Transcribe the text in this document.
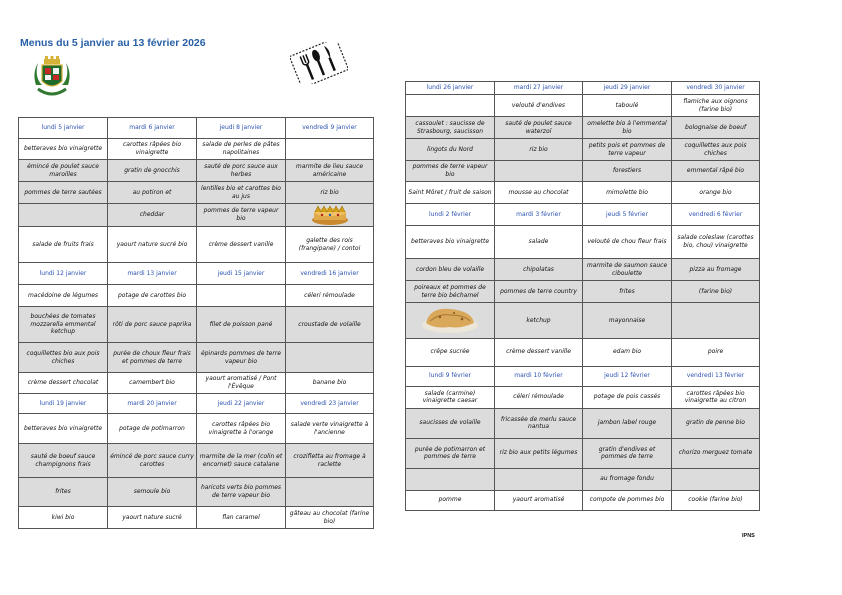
Menus du 5 janvier au 13 février 2026
lundi 5 janvier	mardi 6 janvier	jeudi 8 janvier	vendredi 9 janvier
betteraves bio vinaigrette	carottes râpées bio vinaigrette	salade de perles de pâtes napolitaines	
émincé de poulet sauce maroilles	gratin de gnocchis	sauté de porc sauce aux herbes	marmite de lieu sauce américaine
pommes de terre sautées	au potiron et	lentilles bio et carottes bio au jus	riz bio
	cheddar	pommes de terre vapeur bio	
salade de fruits frais	yaourt nature sucré bio	crème dessert vanille	galette des rois (frangipane) / contoi
lundi 12 janvier	mardi 13 janvier	jeudi 15 janvier	vendredi 16 janvier
macédoine de légumes	potage de carottes bio		céleri rémoulade
bouchées de tomates mozzarella emmental ketchup	rôti de porc sauce paprika	filet de poisson pané	croustade de volaille
coquillettes bio aux pois chiches	purée de choux fleur frais et pommes de terre	épinards pommes de terre vapeur bio	
crème dessert chocolat	camembert bio	yaourt aromatisé / Pont l'Évêque	banane bio
lundi 19 janvier	mardi 20 janvier	jeudi 22 janvier	vendredi 23 janvier
betteraves bio vinaigrette	potage de potimarron	carottes râpées bio vinaigrette à l'orange	salade verte vinaigrette à l'ancienne
sauté de boeuf sauce champignons frais	émincé de porc sauce curry carottes	marmite de la mer (colin et encornet) sauce catalane	crozifletta au fromage à raclette
frites	semoule bio	haricots verts bio pommes de terre vapeur bio	
kiwi bio	yaourt nature sucré	flan caramel	gâteau au chocolat (farine bio)
lundi 26 janvier	mardi 27 janvier	jeudi 29 janvier	vendredi 30 janvier
	velouté d'endives	taboulé	flamiche aux oignons (farine bio)
cassoulet : saucisse de Strasbourg, saucisson	sauté de poulet sauce waterzoï	omelette bio à l'emmental bio	bolognaise de boeuf
lingots du Nord	riz bio	petits pois et pommes de terre vapeur	coquillettes aux pois chiches
pommes de terre vapeur bio		forestiers	emmental râpé bio
Saint Môret / fruit de saison	mousse au chocolat	mimolette bio	orange bio
lundi 2 février	mardi 3 février	jeudi 5 février	vendredi 6 février
betteraves bio vinaigrette	salade	velouté de chou fleur frais	salade coleslaw (carottes bio, chou) vinaigrette
cordon bleu de volaille	chipolatas	marmite de saumon sauce ciboulette	pizza au fromage
poireaux et pommes de terre bio béchamel	pommes de terre country	frites	(farine bio)
	ketchup	mayonnaise	
crêpe sucrée	crème dessert vanille	edam bio	poire
lundi 9 février	mardi 10 février	jeudi 12 février	vendredi 13 février
salade (carmine) vinaigrette caesar	céleri rémoulade	potage de pois cassés	carottes râpées bio vinaigrette au citron
saucisses de volaille	fricassée de merlu sauce nantua	jambon label rouge	gratin de penne bio
purée de potimarron et pommes de terre	riz bio aux petits légumes	gratin d'endives et pommes de terre	chorizo merguez tomate
		au fromage fondu	
pomme	yaourt aromatisé	compote de pommes bio	cookie (farine bio)
IPNS
